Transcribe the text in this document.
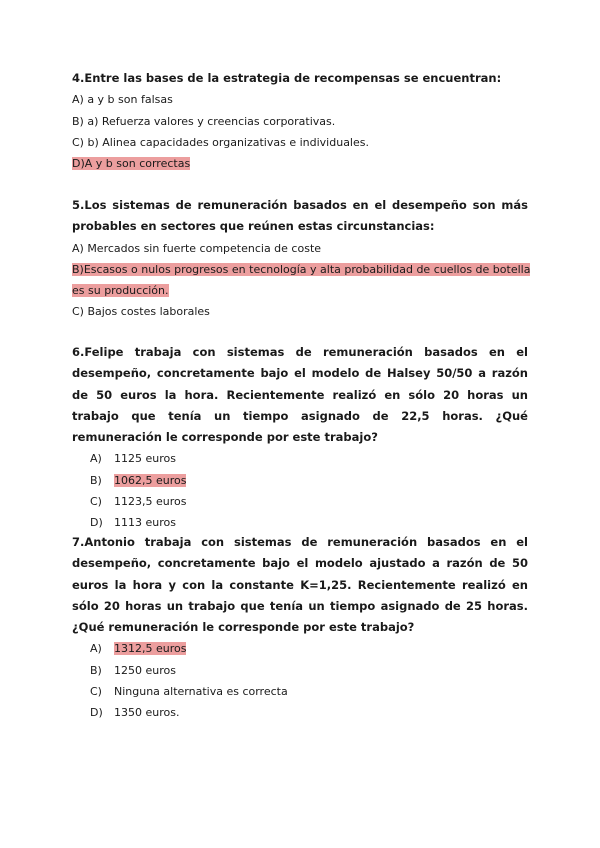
4.Entre las bases de la estrategia de recompensas se encuentran:

A) a y b son falsas

B) a) Refuerza valores y creencias corporativas.

C) b) Alinea capacidades organizativas e individuales.

D)A y b son correctas

5.Los sistemas de remuneración basados en el desempeño son más probables en sectores que reúnen estas circunstancias:

A) Mercados sin fuerte competencia de coste

B)Escasos o nulos progresos en tecnología y alta probabilidad de cuellos de botella

es su producción.

C) Bajos costes laborales

6.Felipe trabaja con sistemas de remuneración basados en el desempeño, concretamente bajo el modelo de Halsey 50/50 a razón de 50 euros la hora. Recientemente realizó en sólo 20 horas un trabajo que tenía un tiempo asignado de 22,5 horas. ¿Qué remuneración le corresponde por este trabajo?

A) 1125 euros

B) 1062,5 euros

C) 1123,5 euros

D) 1113 euros

7.Antonio trabaja con sistemas de remuneración basados en el desempeño, concretamente bajo el modelo ajustado a razón de 50 euros la hora y con la constante K=1,25. Recientemente realizó en sólo 20 horas un trabajo que tenía un tiempo asignado de 25 horas. ¿Qué remuneración le corresponde por este trabajo?

A) 1312,5 euros

B) 1250 euros

C) Ninguna alternativa es correcta

D) 1350 euros.
